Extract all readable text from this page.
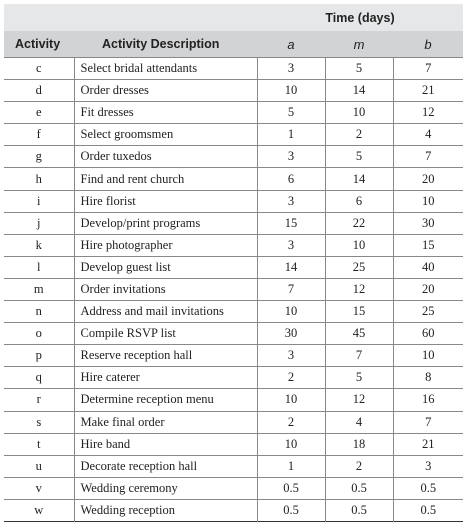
		Time (days)		
Activity	Activity Description	a	m	b
c	Select bridal attendants	3	5	7
d	Order dresses	10	14	21
e	Fit dresses	5	10	12
f	Select groomsmen	1	2	4
g	Order tuxedos	3	5	7
h	Find and rent church	6	14	20
i	Hire florist	3	6	10
j	Develop/print programs	15	22	30
k	Hire photographer	3	10	15
l	Develop guest list	14	25	40
m	Order invitations	7	12	20
n	Address and mail invitations	10	15	25
o	Compile RSVP list	30	45	60
p	Reserve reception hall	3	7	10
q	Hire caterer	2	5	8
r	Determine reception menu	10	12	16
s	Make final order	2	4	7
t	Hire band	10	18	21
u	Decorate reception hall	1	2	3
v	Wedding ceremony	0.5	0.5	0.5
w	Wedding reception	0.5	0.5	0.5
